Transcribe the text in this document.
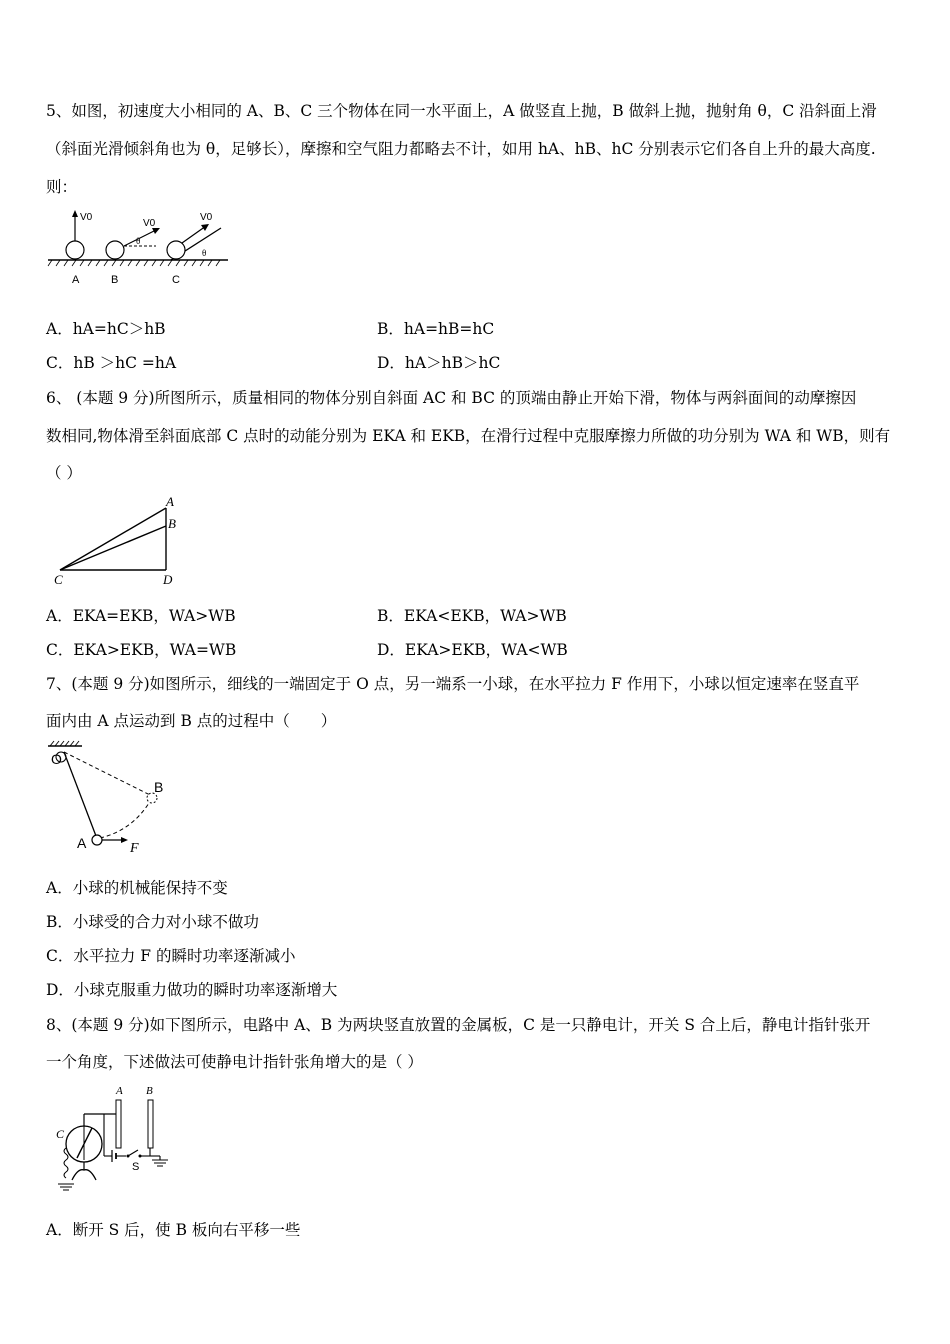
5、如图，初速度大小相同的 A、B、C 三个物体在同一水平面上，A 做竖直上抛，B 做斜上抛，抛射角 θ，C 沿斜面上滑
（斜面光滑倾斜角也为 θ，足够长），摩擦和空气阻力都略去不计，如用 hA、hB、hC 分别表示它们各自上升的最大高度.
则：
V0
V0
θ
V0
θ
A	B	C
A．hA=hC＞hB	B．hA=hB=hC
C．hB ＞hC =hA	D．hA＞hB＞hC
6、 (本题 9 分)所图所示，质量相同的物体分别自斜面 AC 和 BC 的顶端由静止开始下滑，物体与两斜面间的动摩擦因
数相同,物体滑至斜面底部 C 点时的动能分别为 EKA 和 EKB，在滑行过程中克服摩擦力所做的功分别为 WA 和 WB，则有
（ ）
A
B
C	D
A．EKA=EKB，WA>WB	B．EKA<EKB，WA>WB
C．EKA>EKB，WA=WB	D．EKA>EKB，WA<WB
7、(本题 9 分)如图所示，细线的一端固定于 O 点，另一端系一小球，在水平拉力 F 作用下，小球以恒定速率在竖直平
面内由 A 点运动到 B 点的过程中（　　）
O
B
A	F
A．小球的机械能保持不变
B．小球受的合力对小球不做功
C．水平拉力 F 的瞬时功率逐渐减小
D．小球克服重力做功的瞬时功率逐渐增大
8、(本题 9 分)如下图所示，电路中 A、B 为两块竖直放置的金属板，C 是一只静电计，开关 S 合上后，静电计指针张开
一个角度，下述做法可使静电计指针张角增大的是（ ）
A B
C
S
A．断开 S 后，使 B 板向右平移一些
